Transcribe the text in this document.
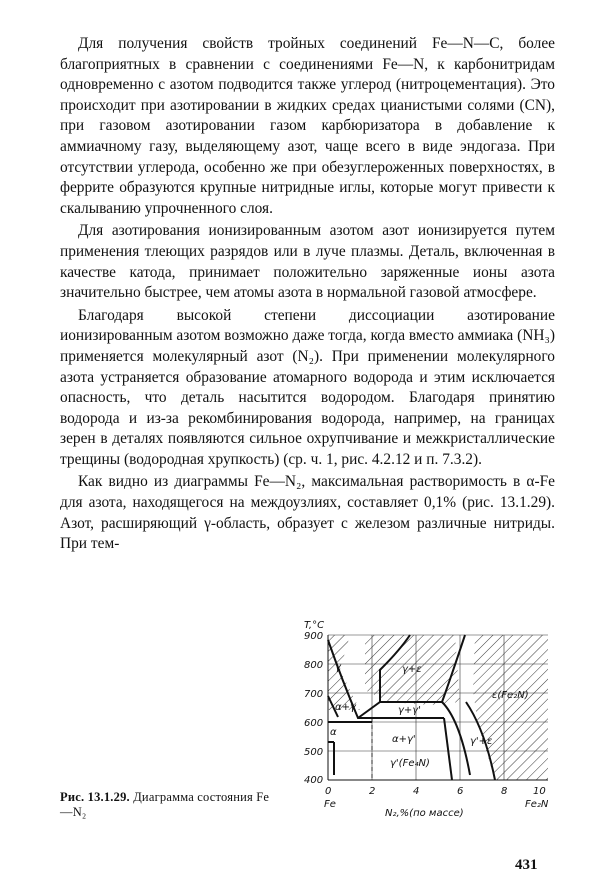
Для получения свойств тройных соединений Fe—N—C, более благоприятных в сравнении с соединениями Fe—N, к карбонитридам одновременно с азотом подводится также углерод (нитроцементация). Это происходит при азотировании в жидких средах цианистыми солями (CN), при газовом азотировании газом карбюризатора в добавление к аммиачному газу, выделяющему азот, чаще всего в виде эндогаза. При отсутствии углерода, особенно же при обезуглероженных поверхностях, в феррите образуются крупные нитридные иглы, которые могут привести к скалыванию упрочненного слоя.

Для азотирования ионизированным азотом азот ионизируется путем применения тлеющих разрядов или в луче плазмы. Деталь, включенная в качестве катода, принимает положительно заряженные ионы азота значительно быстрее, чем атомы азота в нормальной газовой атмосфере.

Благодаря высокой степени диссоциации азотирование ионизированным азотом возможно даже тогда, когда вместо аммиака (NH₃) применяется молекулярный азот (N₂). При применении молекулярного азота устраняется образование атомарного водорода и этим исключается опасность, что деталь насытится водородом. Благодаря принятию водорода и из-за рекомбинирования водорода, например, на границах зерен в деталях появляются сильное охрупчивание и межкристаллические трещины (водородная хрупкость) (ср. ч. 1, рис. 4.2.12 и п. 7.3.2).

Как видно из диаграммы Fe—N₂, максимальная растворимость в α-Fe для азота, находящегося на междоузлиях, составляет 0,1% (рис. 13.1.29). Азот, расширяющий γ-область, образует с железом различные нитриды. При тем-

T,°C
900
800
700
600
500
400
0	2	4	6	8	10
Fe	Fe₂N
N₂,%(по массе)
γ	γ+ε
α+γ	γ+γ'
ε(Fe₂N)
α
α+γ'	γ'+ε
γ'(Fe₄N)
Рис. 13.1.29. Диаграмма состояния Fe—N₂
431
